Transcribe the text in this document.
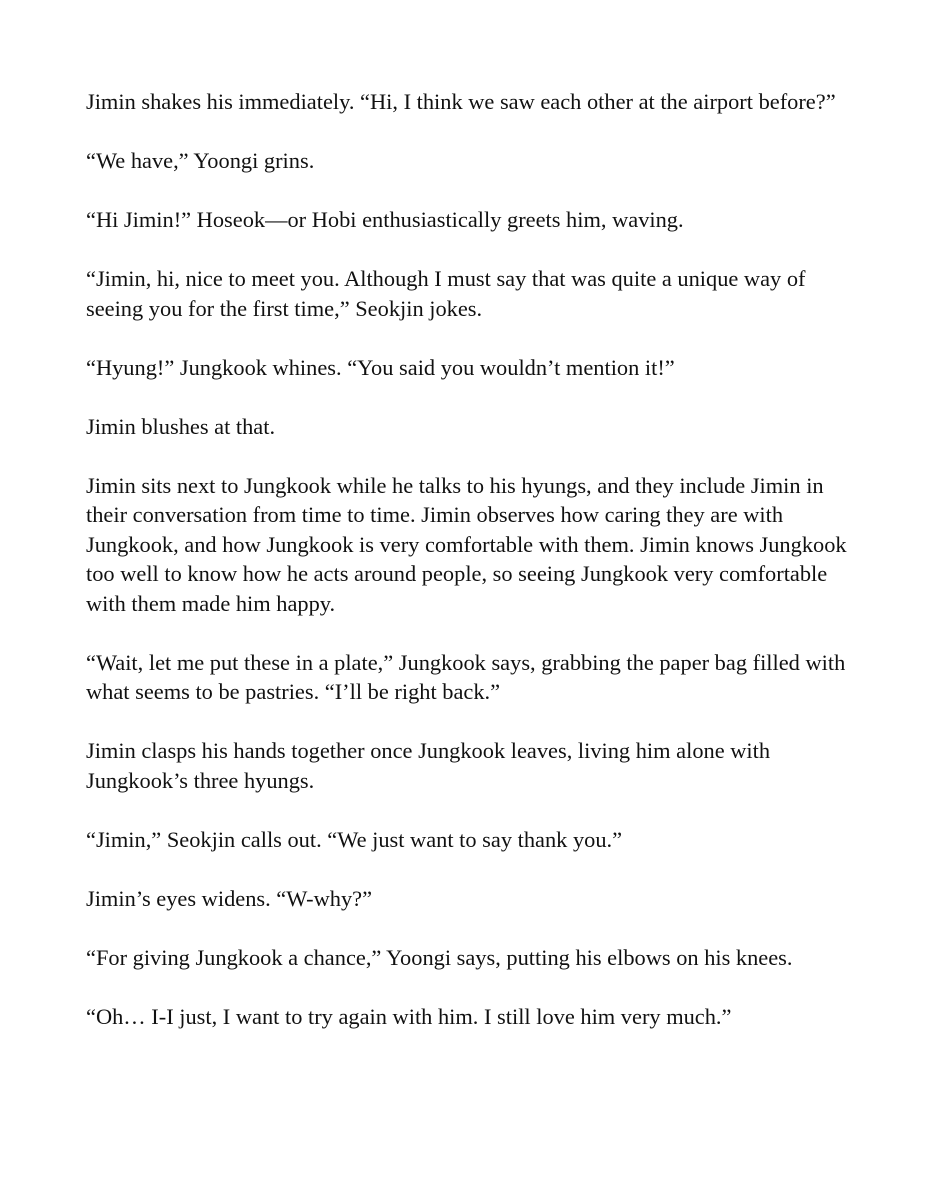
Jimin shakes his immediately. “Hi, I think we saw each other at the airport before?”

“We have,” Yoongi grins.

“Hi Jimin!” Hoseok—or Hobi enthusiastically greets him, waving.

“Jimin, hi, nice to meet you. Although I must say that was quite a unique way of seeing you for the first time,” Seokjin jokes.

“Hyung!” Jungkook whines. “You said you wouldn’t mention it!”

Jimin blushes at that.

Jimin sits next to Jungkook while he talks to his hyungs, and they include Jimin in their conversation from time to time. Jimin observes how caring they are with Jungkook, and how Jungkook is very comfortable with them. Jimin knows Jungkook too well to know how he acts around people, so seeing Jungkook very comfortable with them made him happy.

“Wait, let me put these in a plate,” Jungkook says, grabbing the paper bag filled with what seems to be pastries. “I’ll be right back.”

Jimin clasps his hands together once Jungkook leaves, living him alone with Jungkook’s three hyungs.

“Jimin,” Seokjin calls out. “We just want to say thank you.”

Jimin’s eyes widens. “W-why?”

“For giving Jungkook a chance,” Yoongi says, putting his elbows on his knees.

“Oh… I-I just, I want to try again with him. I still love him very much.”
